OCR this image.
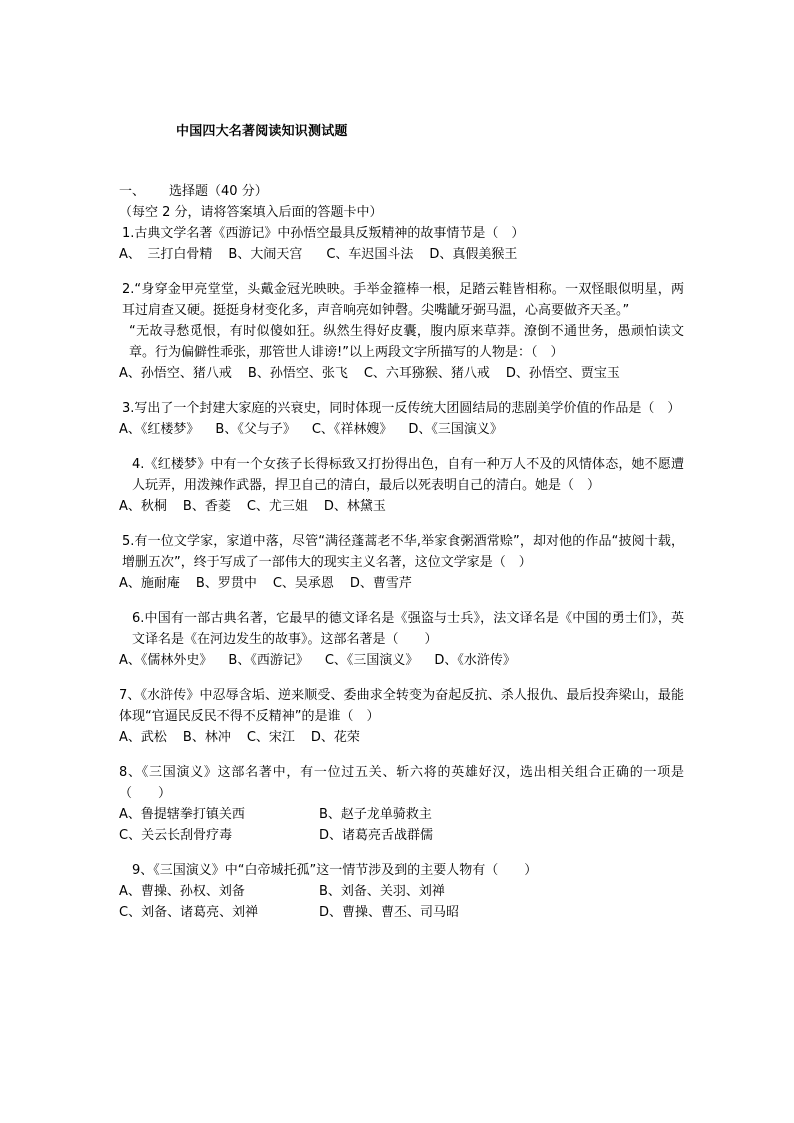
中国四大名著阅读知识测试题
一、 选择题（40 分）
（每空 2 分，请将答案填入后面的答题卡中）
1.古典文学名著《西游记》中孙悟空最具反叛精神的故事情节是（　）
A、　三打白骨精 B、大闹天宫 C、车迟国斗法 D、真假美猴王
2.“身穿金甲亮堂堂，头戴金冠光映映。手举金箍棒一根，足踏云鞋皆相称。一双怪眼似明星，两耳过肩查又硬。挺挺身材变化多，声音响亮如钟磬。尖嘴龇牙弼马温，心高要做齐天圣。”
“无故寻愁觅恨，有时似傻如狂。纵然生得好皮囊，腹内原来草莽。潦倒不通世务，愚顽怕读文章。行为偏僻性乖张，那管世人诽谤!”以上两段文字所描写的人物是：（　）
A、孙悟空、猪八戒 B、孙悟空、张飞 C、六耳猕猴、猪八戒 D、孙悟空、贾宝玉
3.写出了一个封建大家庭的兴衰史，同时体现一反传统大团圆结局的悲剧美学价值的作品是（　）
A、《红楼梦》 B、《父与子》 C、《祥林嫂》 D、《三国演义》
4.《红楼梦》中有一个女孩子长得标致又打扮得出色，自有一种万人不及的风情体态，她不愿遭人玩弄，用泼辣作武器，捍卫自己的清白，最后以死表明自己的清白。她是（　）
A、秋桐 B、香菱 C、尤三姐 D、林黛玉
5.有一位文学家，家道中落，尽管“满径蓬蒿老不华,举家食粥酒常赊”，却对他的作品“披阅十载，增删五次”，终于写成了一部伟大的现实主义名著，这位文学家是（　）
A、施耐庵 B、罗贯中 C、吴承恩 D、曹雪芹
6.中国有一部古典名著，它最早的德文译名是《强盗与士兵》，法文译名是《中国的勇士们》，英文译名是《在河边发生的故事》。这部名著是（　　）
A、《儒林外史》 B、《西游记》 C、《三国演义》 D、《水浒传》
7、《水浒传》中忍辱含垢、逆来顺受、委曲求全转变为奋起反抗、杀人报仇、最后投奔梁山，最能体现“官逼民反民不得不反精神”的是谁（　）
A、武松 B、林冲 C、宋江 D、花荣
8、《三国演义》这部名著中，有一位过五关、斩六将的英雄好汉，选出相关组合正确的一项是（　　）
A、鲁提辖拳打镇关西	B、赵子龙单骑救主
C、关云长刮骨疗毒	D、诸葛亮舌战群儒
9、《三国演义》中“白帝城托孤”这一情节涉及到的主要人物有（　　）
A、曹操、孙权、刘备	B、刘备、关羽、刘禅
C、刘备、诸葛亮、刘禅	D、曹操、曹丕、司马昭
